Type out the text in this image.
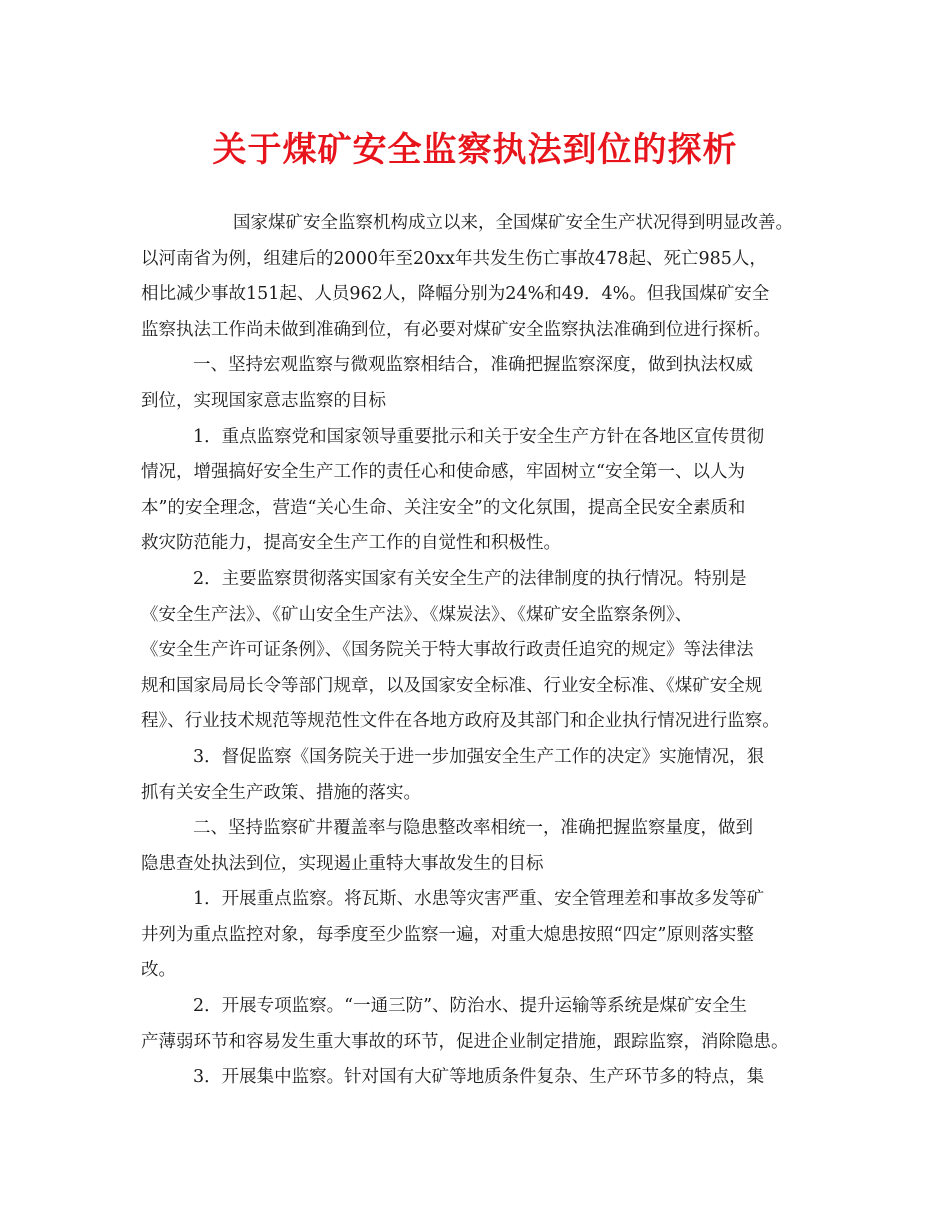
关于煤矿安全监察执法到位的探析
国家煤矿安全监察机构成立以来，全国煤矿安全生产状况得到明显改善。
以河南省为例，组建后的2000年至20xx年共发生伤亡事故478起、死亡985人，
相比减少事故151起、人员962人，降幅分别为24%和49．4%。但我国煤矿安全
监察执法工作尚未做到准确到位，有必要对煤矿安全监察执法准确到位进行探析。
一、坚持宏观监察与微观监察相结合，准确把握监察深度，做到执法权威
到位，实现国家意志监察的目标
1．重点监察党和国家领导重要批示和关于安全生产方针在各地区宣传贯彻
情况，增强搞好安全生产工作的责任心和使命感，牢固树立“安全第一、以人为
本”的安全理念，营造“关心生命、关注安全”的文化氛围，提高全民安全素质和
救灾防范能力，提高安全生产工作的自觉性和积极性。
2．主要监察贯彻落实国家有关安全生产的法律制度的执行情况。特别是
《安全生产法》、《矿山安全生产法》、《煤炭法》、《煤矿安全监察条例》、
《安全生产许可证条例》、《国务院关于特大事故行政责任追究的规定》等法律法
规和国家局局长令等部门规章，以及国家安全标准、行业安全标准、《煤矿安全规
程》、行业技术规范等规范性文件在各地方政府及其部门和企业执行情况进行监察。
3．督促监察《国务院关于进一步加强安全生产工作的决定》实施情况，狠
抓有关安全生产政策、措施的落实。
二、坚持监察矿井覆盖率与隐患整改率相统一，准确把握监察量度，做到
隐患查处执法到位，实现遏止重特大事故发生的目标
1．开展重点监察。将瓦斯、水患等灾害严重、安全管理差和事故多发等矿
井列为重点监控对象，每季度至少监察一遍，对重大熄患按照“四定”原则落实整
改。
2．开展专项监察。“一通三防”、防治水、提升运输等系统是煤矿安全生
产薄弱环节和容易发生重大事故的环节，促进企业制定措施，跟踪监察，消除隐患。
3．开展集中监察。针对国有大矿等地质条件复杂、生产环节多的特点，集
